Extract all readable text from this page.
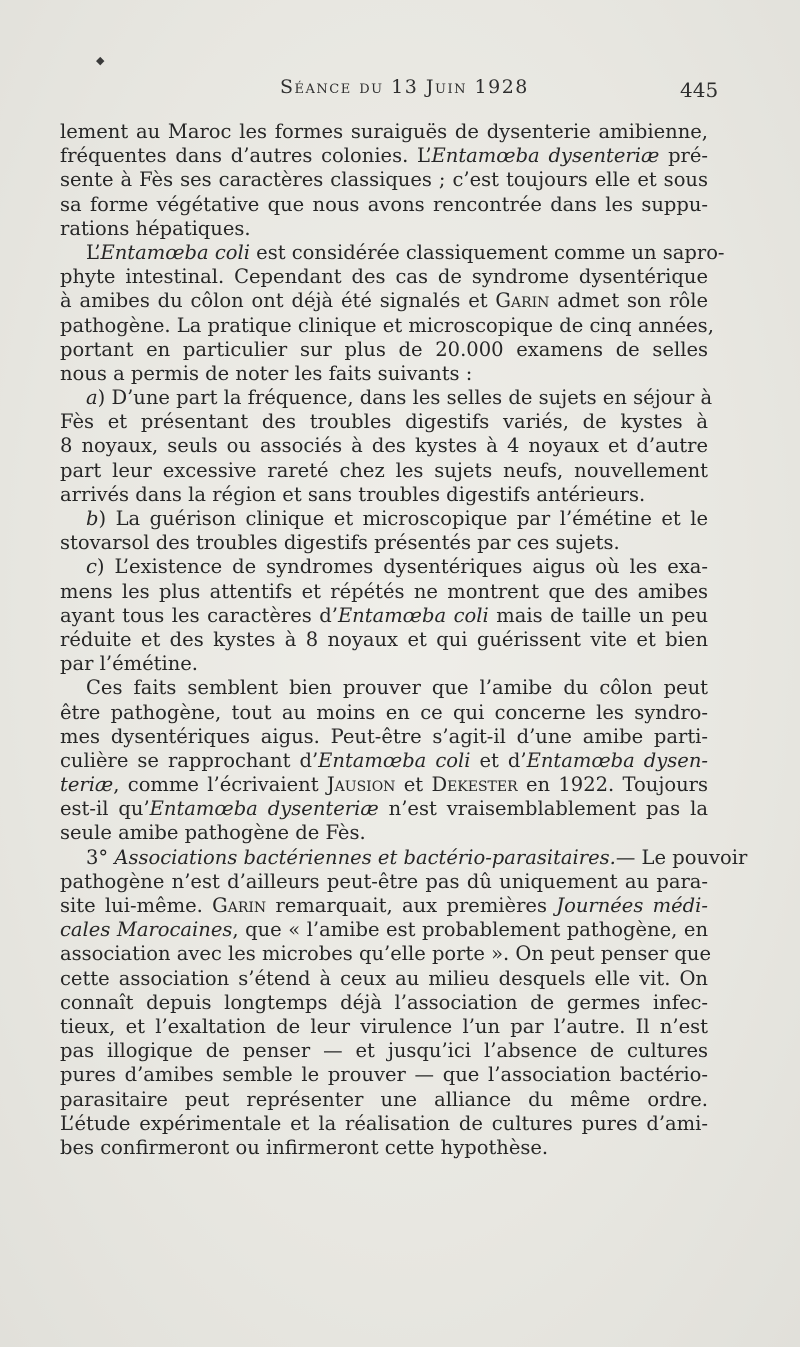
◆
Séance du 13 Juin 1928	445
lement au Maroc les formes suraiguës de dysenterie amibienne,
fréquentes dans d’autres colonies. L’Entamœba dysenteriæ pré-
sente à Fès ses caractères classiques ; c’est toujours elle et sous
sa forme végétative que nous avons rencontrée dans les suppu-
rations hépatiques.
L’Entamœba coli est considérée classiquement comme un sapro-
phyte intestinal. Cependant des cas de syndrome dysentérique
à amibes du côlon ont déjà été signalés et Garin admet son rôle
pathogène. La pratique clinique et microscopique de cinq années,
portant en particulier sur plus de 20.000 examens de selles
nous a permis de noter les faits suivants :
a) D’une part la fréquence, dans les selles de sujets en séjour à
Fès et présentant des troubles digestifs variés, de kystes à
8 noyaux, seuls ou associés à des kystes à 4 noyaux et d’autre
part leur excessive rareté chez les sujets neufs, nouvellement
arrivés dans la région et sans troubles digestifs antérieurs.
b) La guérison clinique et microscopique par l’émétine et le
stovarsol des troubles digestifs présentés par ces sujets.
c) L’existence de syndromes dysentériques aigus où les exa-
mens les plus attentifs et répétés ne montrent que des amibes
ayant tous les caractères d’Entamœba coli mais de taille un peu
réduite et des kystes à 8 noyaux et qui guérissent vite et bien
par l’émétine.
Ces faits semblent bien prouver que l’amibe du côlon peut
être pathogène, tout au moins en ce qui concerne les syndro-
mes dysentériques aigus. Peut-être s’agit-il d’une amibe parti-
culière se rapprochant d’Entamœba coli et d’Entamœba dysen-
teriæ, comme l’écrivaient Jausion et Dekester en 1922. Toujours
est-il qu’Entamœba dysenteriæ n’est vraisemblablement pas la
seule amibe pathogène de Fès.
3° Associations bactériennes et bactério-parasitaires.— Le pouvoir
pathogène n’est d’ailleurs peut-être pas dû uniquement au para-
site lui-même. Garin remarquait, aux premières Journées médi-
cales Marocaines, que « l’amibe est probablement pathogène, en
association avec les microbes qu’elle porte ». On peut penser que
cette association s’étend à ceux au milieu desquels elle vit. On
connaît depuis longtemps déjà l’association de germes infec-
tieux, et l’exaltation de leur virulence l’un par l’autre. Il n’est
pas illogique de penser — et jusqu’ici l’absence de cultures
pures d’amibes semble le prouver — que l’association bactério-
parasitaire peut représenter une alliance du même ordre.
L’étude expérimentale et la réalisation de cultures pures d’ami-
bes confirmeront ou infirmeront cette hypothèse.
